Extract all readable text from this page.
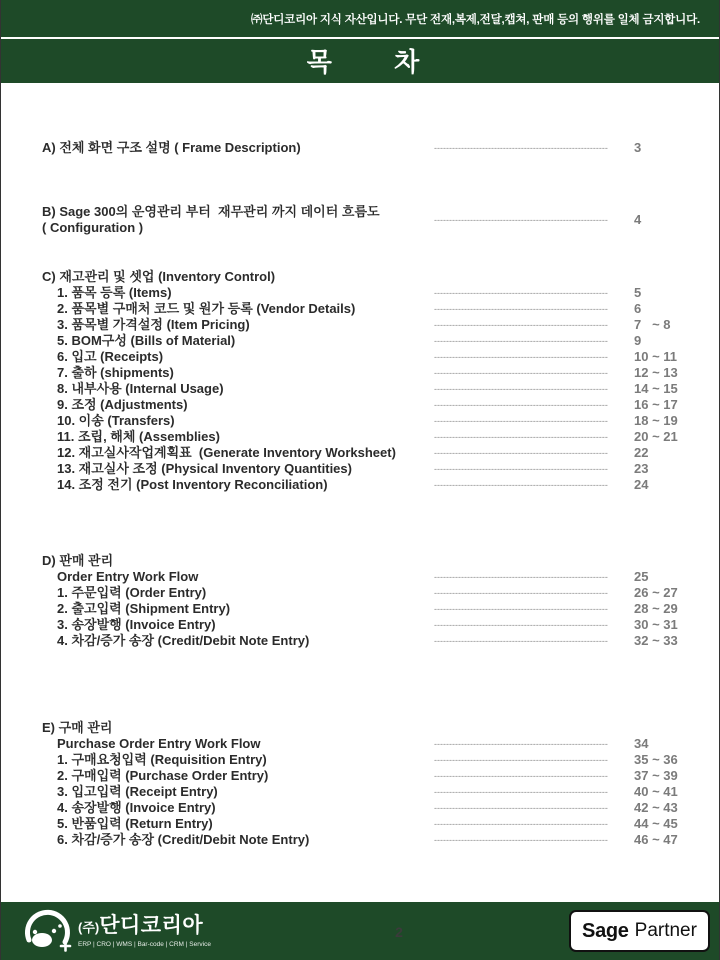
㈜단디코리아 지식 자산입니다. 무단 전재,복제,전달,캡쳐, 판매 등의 행위를 일체 금지합니다.
목 차
A) 전체 화면 구조 설명 ( Frame Description)	---------------------------------------------------------- 3
B) Sage 300의 운영관리 부터  재무관리 까지 데이터 흐름도
( Configuration )	---------------------------------------------------------- 4
C) 재고관리 및 셋업 (Inventory Control)
1. 품목 등록 (Items)	---------------------------------------------------------- 5
2. 품목별 구매처 코드 및 원가 등록 (Vendor Details)	---------------------------------------------------------- 6
3. 품목별 가격설정 (Item Pricing)	---------------------------------------------------------- 7   ~ 8
5. BOM구성 (Bills of Material)	---------------------------------------------------------- 9
6. 입고 (Receipts)	---------------------------------------------------------- 10 ~ 11
7. 출하 (shipments)	---------------------------------------------------------- 12 ~ 13
8. 내부사용 (Internal Usage)	---------------------------------------------------------- 14 ~ 15
9. 조정 (Adjustments)	---------------------------------------------------------- 16 ~ 17
10. 이송 (Transfers)	---------------------------------------------------------- 18 ~ 19
11. 조립, 해체 (Assemblies)	---------------------------------------------------------- 20 ~ 21
12. 재고실사작업계획표  (Generate Inventory Worksheet)	---------------------------------------------------------- 22
13. 재고실사 조정 (Physical Inventory Quantities)	---------------------------------------------------------- 23
14. 조정 전기 (Post Inventory Reconciliation)	---------------------------------------------------------- 24
D) 판매 관리
Order Entry Work Flow	---------------------------------------------------------- 25
1. 주문입력 (Order Entry)	---------------------------------------------------------- 26 ~ 27
2. 출고입력 (Shipment Entry)	---------------------------------------------------------- 28 ~ 29
3. 송장발행 (Invoice Entry)	---------------------------------------------------------- 30 ~ 31
4. 차감/증가 송장 (Credit/Debit Note Entry)	---------------------------------------------------------- 32 ~ 33
E) 구매 관리
Purchase Order Entry Work Flow	---------------------------------------------------------- 34
1. 구매요청입력 (Requisition Entry)	---------------------------------------------------------- 35 ~ 36
2. 구매입력 (Purchase Order Entry)	---------------------------------------------------------- 37 ~ 39
3. 입고입력 (Receipt Entry)	---------------------------------------------------------- 40 ~ 41
4. 송장발행 (Invoice Entry)	---------------------------------------------------------- 42 ~ 43
5. 반품입력 (Return Entry)	---------------------------------------------------------- 44 ~ 45
6. 차감/증가 송장 (Credit/Debit Note Entry)	---------------------------------------------------------- 46 ~ 47
(주)단디코리아
ERP | CRO | WMS | Bar-code | CRM | Service
2	Sage Partner
